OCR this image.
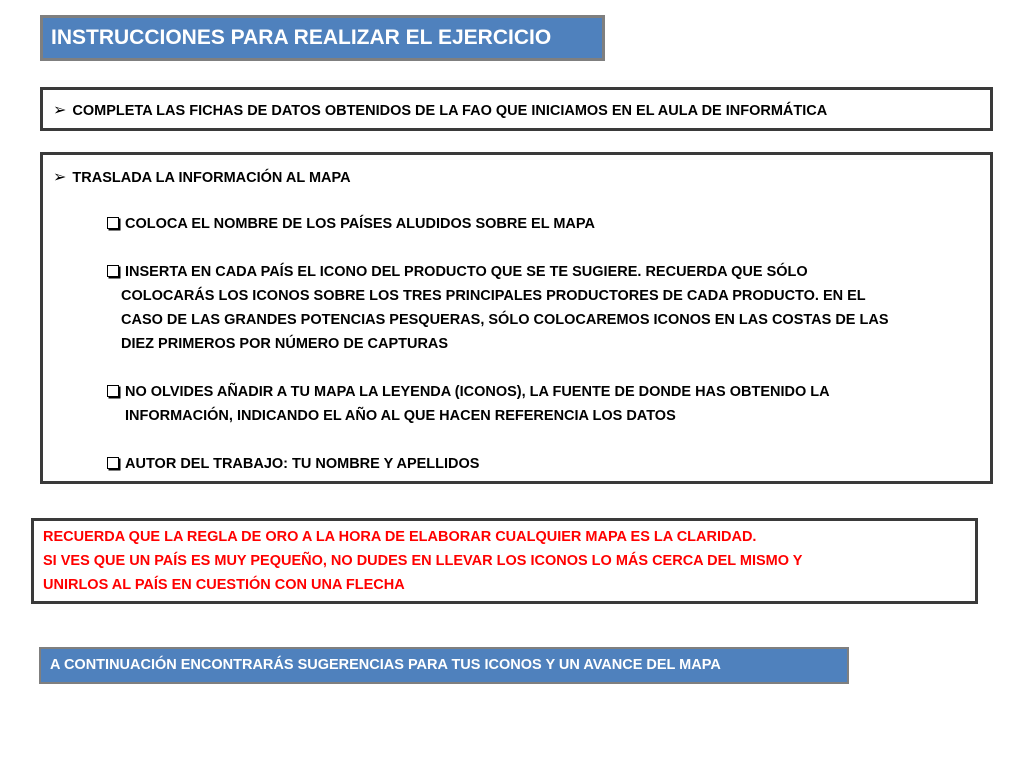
INSTRUCCIONES PARA REALIZAR EL EJERCICIO
➢ COMPLETA LAS FICHAS DE DATOS OBTENIDOS DE LA FAO QUE INICIAMOS EN EL AULA DE INFORMÁTICA
➢ TRASLADA LA INFORMACIÓN AL MAPA
COLOCA EL NOMBRE DE LOS PAÍSES ALUDIDOS SOBRE EL MAPA
INSERTA EN CADA PAÍS EL ICONO DEL PRODUCTO QUE SE TE SUGIERE. RECUERDA QUE SÓLO
COLOCARÁS LOS ICONOS SOBRE LOS TRES PRINCIPALES PRODUCTORES DE CADA PRODUCTO. EN EL
CASO DE LAS GRANDES POTENCIAS PESQUERAS, SÓLO COLOCAREMOS ICONOS EN LAS COSTAS DE LAS
DIEZ PRIMEROS POR NÚMERO DE CAPTURAS
NO OLVIDES AÑADIR A TU MAPA LA LEYENDA (ICONOS), LA FUENTE DE DONDE HAS OBTENIDO LA
INFORMACIÓN, INDICANDO EL AÑO AL QUE HACEN REFERENCIA LOS DATOS
AUTOR DEL TRABAJO: TU NOMBRE Y APELLIDOS
RECUERDA QUE LA REGLA DE ORO A LA HORA DE ELABORAR CUALQUIER MAPA ES LA CLARIDAD.
SI VES QUE UN PAÍS ES MUY PEQUEÑO, NO DUDES EN LLEVAR LOS ICONOS LO MÁS CERCA DEL MISMO Y
UNIRLOS AL PAÍS EN CUESTIÓN CON UNA FLECHA
A CONTINUACIÓN ENCONTRARÁS SUGERENCIAS PARA TUS ICONOS Y UN AVANCE DEL MAPA
